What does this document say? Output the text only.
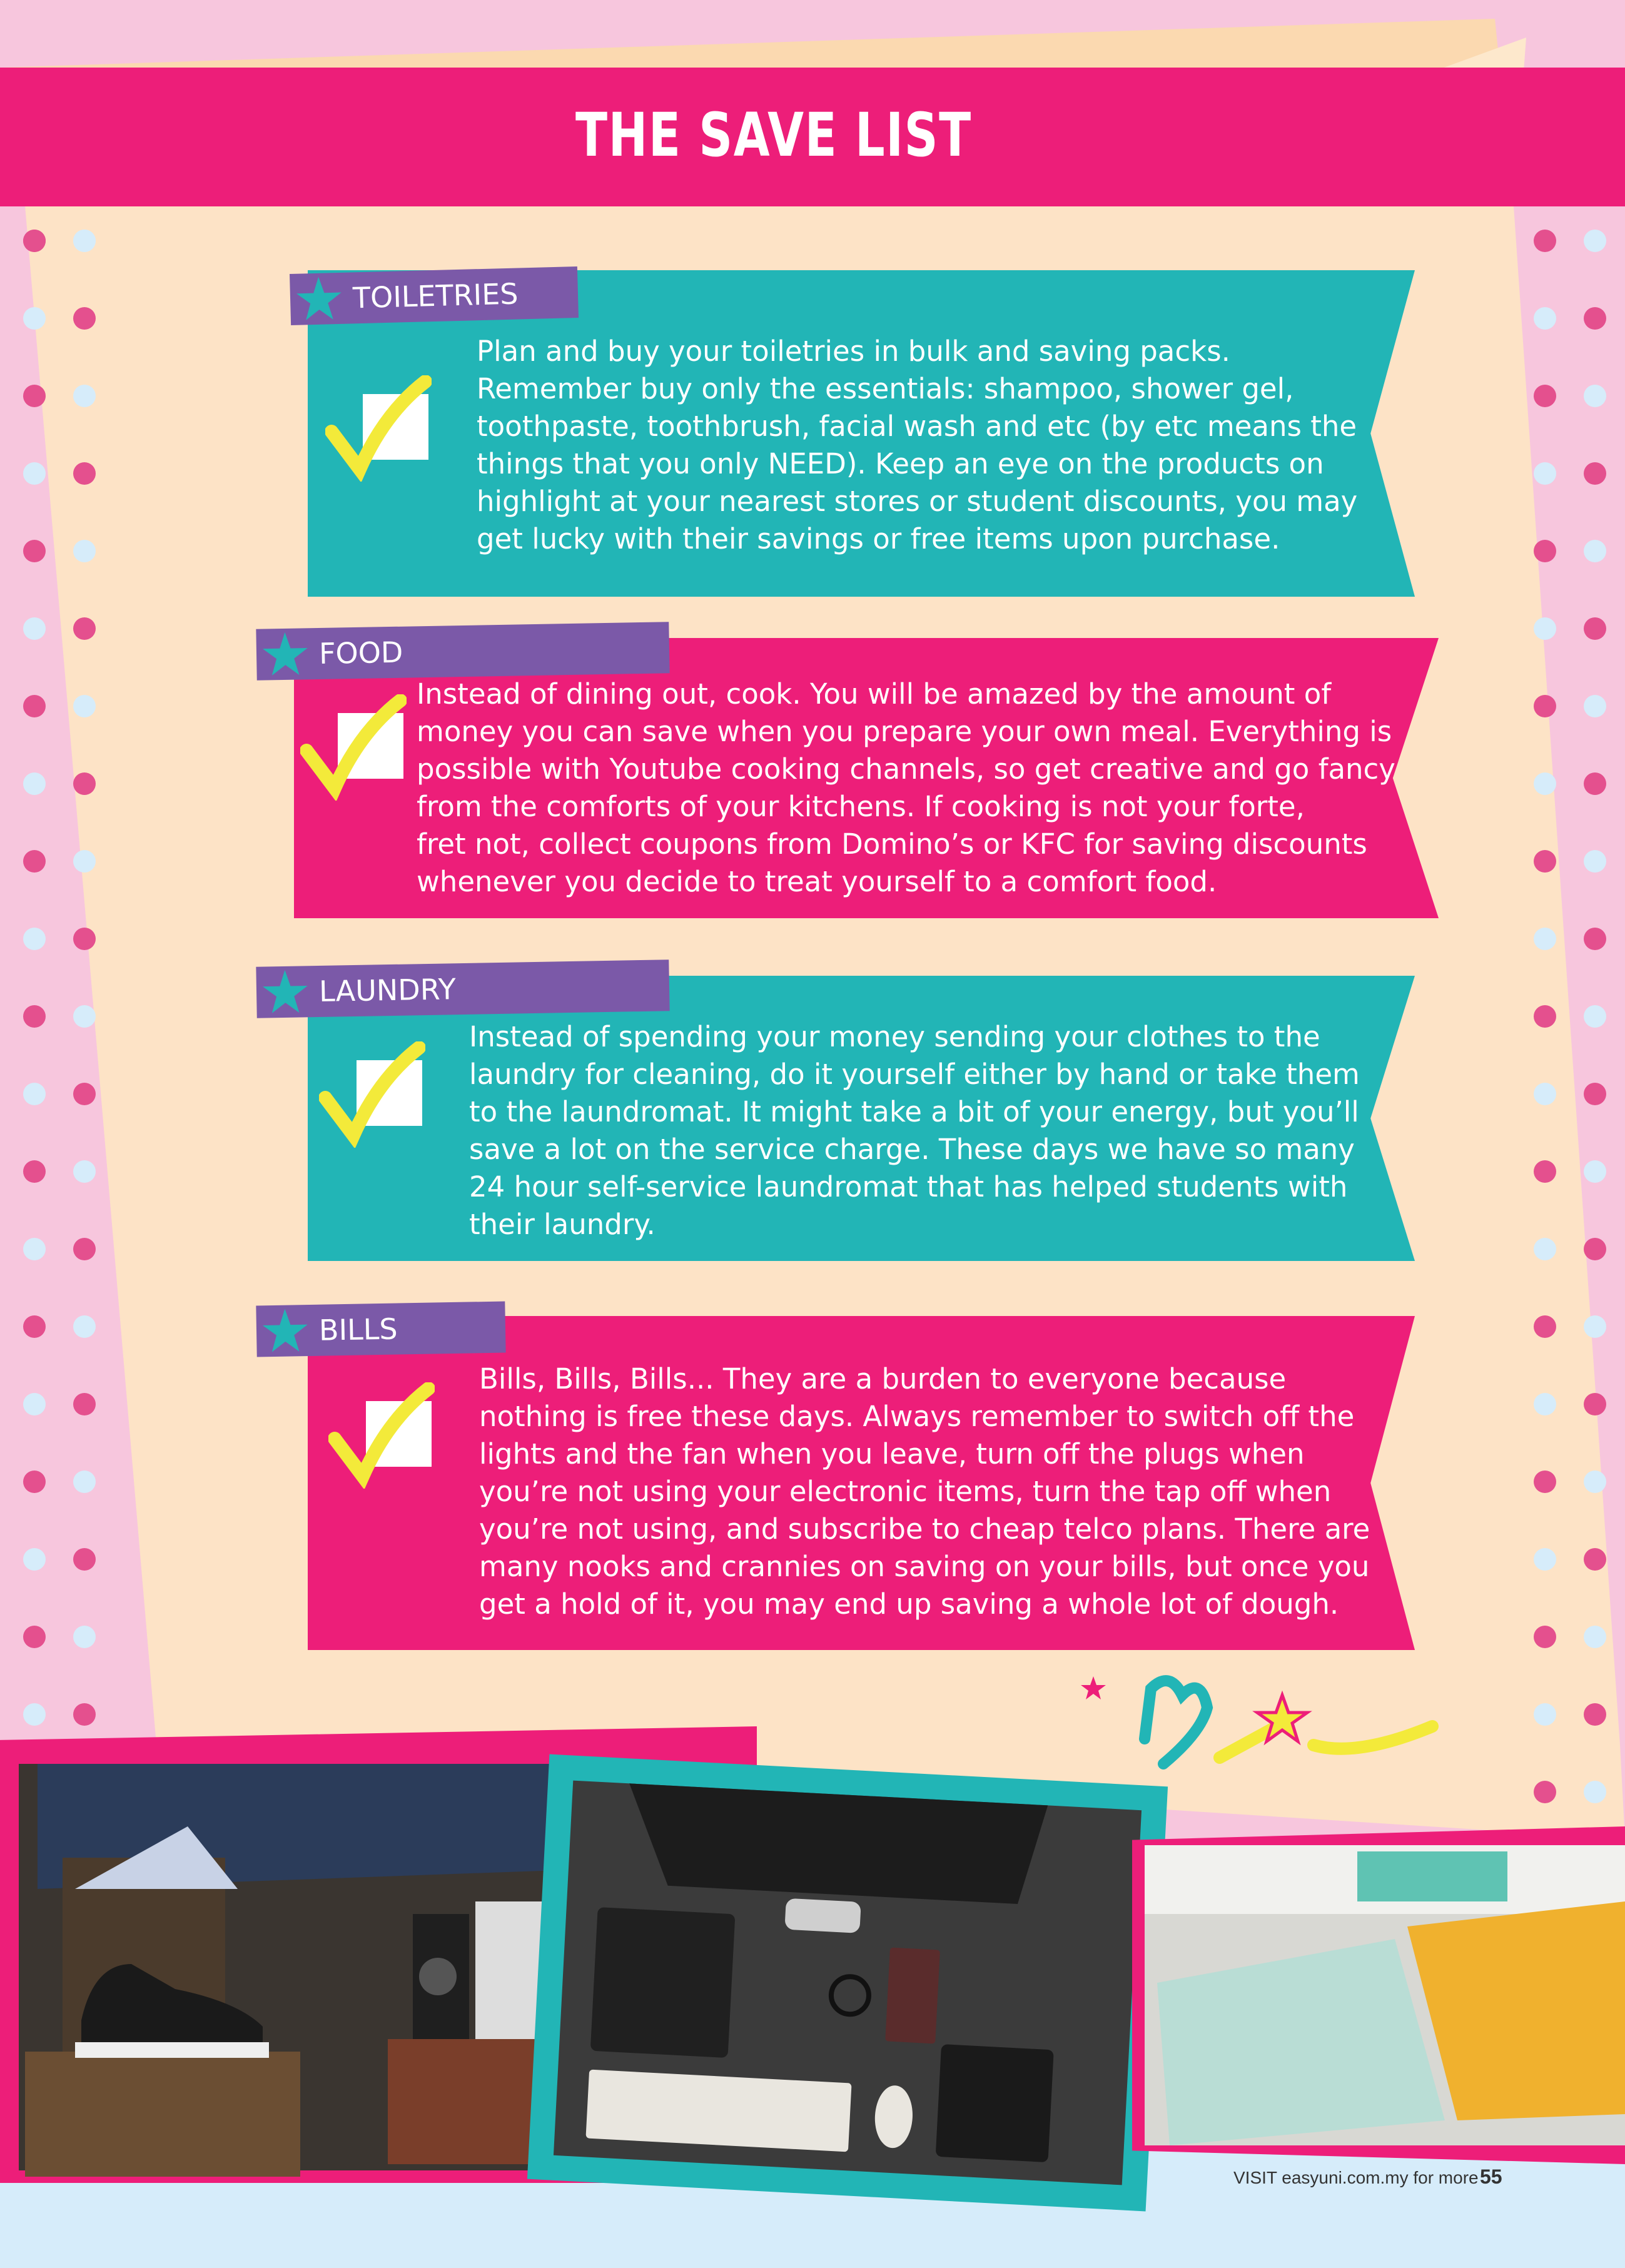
THE SAVE LIST
TOILETRIES

Plan and buy your toiletries in bulk and saving packs.
Remember buy only the essentials: shampoo, shower gel,
toothpaste, toothbrush, facial wash and etc (by etc means the
things that you only NEED). Keep an eye on the products on
highlight at your nearest stores or student discounts, you may
get lucky with their savings or free items upon purchase.

FOOD

Instead of dining out, cook. You will be amazed by the amount of
money you can save when you prepare your own meal. Everything is
possible with Youtube cooking channels, so get creative and go fancy
from the comforts of your kitchens. If cooking is not your forte,
fret not, collect coupons from Domino’s or KFC for saving discounts
whenever you decide to treat yourself to a comfort food.

LAUNDRY

Instead of spending your money sending your clothes to the
laundry for cleaning, do it yourself either by hand or take them
to the laundromat. It might take a bit of your energy, but you’ll
save a lot on the service charge. These days we have so many
24 hour self-service laundromat that has helped students with
their laundry.

BILLS

Bills, Bills, Bills... They are a burden to everyone because
nothing is free these days. Always remember to switch off the
lights and the fan when you leave, turn off the plugs when
you’re not using your electronic items, turn the tap off when
you’re not using, and subscribe to cheap telco plans. There are
many nooks and crannies on saving on your bills, but once you
get a hold of it, you may end up saving a whole lot of dough.

VISIT easyuni.com.my for more 55
